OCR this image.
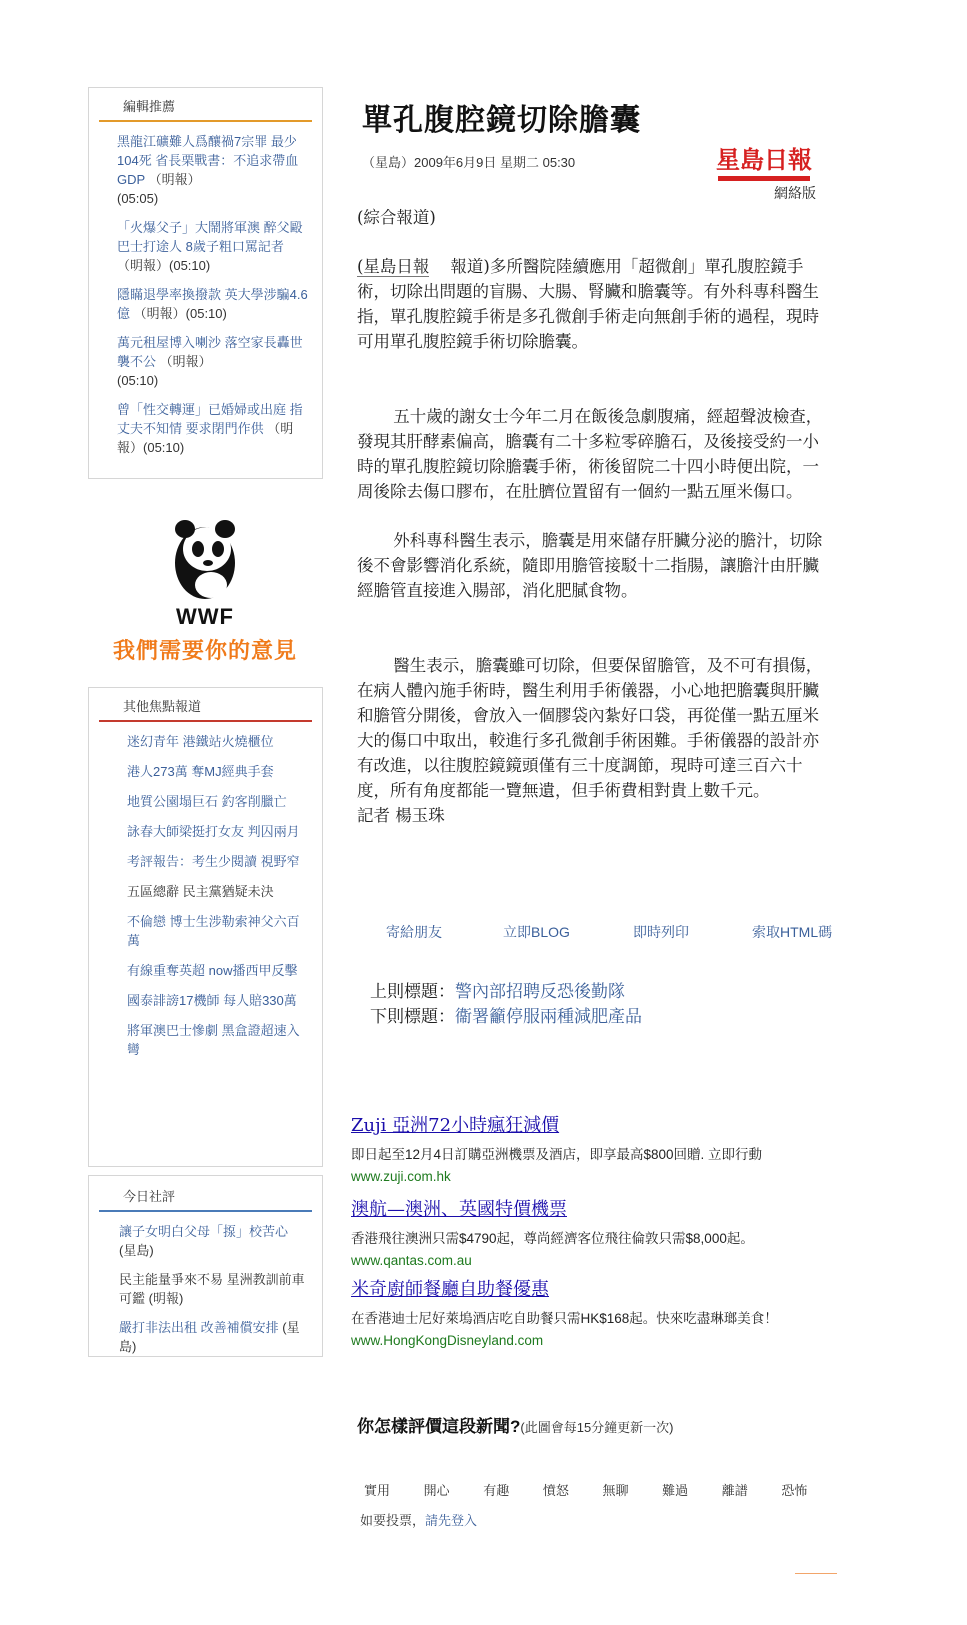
編輯推薦
黑龍江礦難人爲釀禍7宗罪 最少104死 省長栗戰書：不追求帶血GDP （明報）
(05:05)
「火爆父子」大鬧將軍澳 醉父毆巴士打途人 8歲子粗口罵記者 （明報）(05:10)
隱瞞退學率換撥款 英大學涉騙4.6億 （明報）(05:10)
萬元租屋博入喇沙 落空家長轟世襲不公 （明報）
(05:10)
曾「性交轉運」已婚婦或出庭 指丈夫不知情 要求閉門作供 （明報）(05:10)
WWF
我們需要你的意見
其他焦點報道
迷幻青年 港鐵站火燒櫃位
港人273萬 奪MJ經典手套
地質公園塌巨石 釣客削臘亡
詠春大師梁挺打女友 判囚兩月
考評報告：考生少閱讀 視野窄
五區總辭 民主黨猶疑未決
不倫戀 博士生涉勒索神父六百萬
有線重奪英超 now播西甲反擊
國泰誹謗17機師 每人賠330萬
將軍澳巴士慘劇 黑盒證超速入彎
今日社評
讓子女明白父母「揼」校苦心 (星島)
民主能量爭來不易 星洲教訓前車可鑑 (明報)
嚴打非法出租 改善補償安排 (星島)
單孔腹腔鏡切除膽囊
（星島）2009年6月9日 星期二 05:30	星島日報
網絡版

(綜合報道)

(星島日報 報道)多所醫院陸續應用「超微創」單孔腹腔鏡手術，切除出問題的盲腸、大腸、腎臟和膽囊等。有外科專科醫生指，單孔腹腔鏡手術是多孔微創手術走向無創手術的過程，現時可用單孔腹腔鏡手術切除膽囊。

五十歲的謝女士今年二月在飯後急劇腹痛，經超聲波檢查，發現其肝酵素偏高，膽囊有二十多粒零碎膽石，及後接受約一小時的單孔腹腔鏡切除膽囊手術，術後留院二十四小時便出院，一周後除去傷口膠布，在肚臍位置留有一個約一點五厘米傷口。

外科專科醫生表示，膽囊是用來儲存肝臟分泌的膽汁，切除後不會影響消化系統，隨即用膽管接駁十二指腸，讓膽汁由肝臟經膽管直接進入腸部，消化肥膩食物。

醫生表示，膽囊雖可切除，但要保留膽管，及不可有損傷，在病人體內施手術時，醫生利用手術儀器，小心地把膽囊與肝臟和膽管分開後，會放入一個膠袋內紮好口袋，再從僅一點五厘米大的傷口中取出，較進行多孔微創手術困難。手術儀器的設計亦有改進，以往腹腔鏡鏡頭僅有三十度調節，現時可達三百六十度，所有角度都能一覽無遺，但手術費相對貴上數千元。

記者 楊玉珠

寄給朋友	立即BLOG	即時列印	索取HTML碼
上則標題：警內部招聘反恐後勤隊
下則標題：衞署籲停服兩種減肥產品
Zuji 亞洲72小時瘋狂減價
即日起至12月4日訂購亞洲機票及酒店，即享最高$800回贈. 立即行動
www.zuji.com.hk
澳航—澳洲、英國特價機票
香港飛往澳洲只需$4790起，尊尚經濟客位飛往倫敦只需$8,000起。
www.qantas.com.au
米奇廚師餐廳自助餐優惠
在香港迪士尼好萊塢酒店吃自助餐只需HK$168起。快來吃盡琳瑯美食！
www.HongKongDisneyland.com
你怎樣評價這段新聞?(此圖會每15分鐘更新一次)
實用	開心	有趣	憤怒	無聊	難過	離譜	恐怖
如要投票，請先登入
